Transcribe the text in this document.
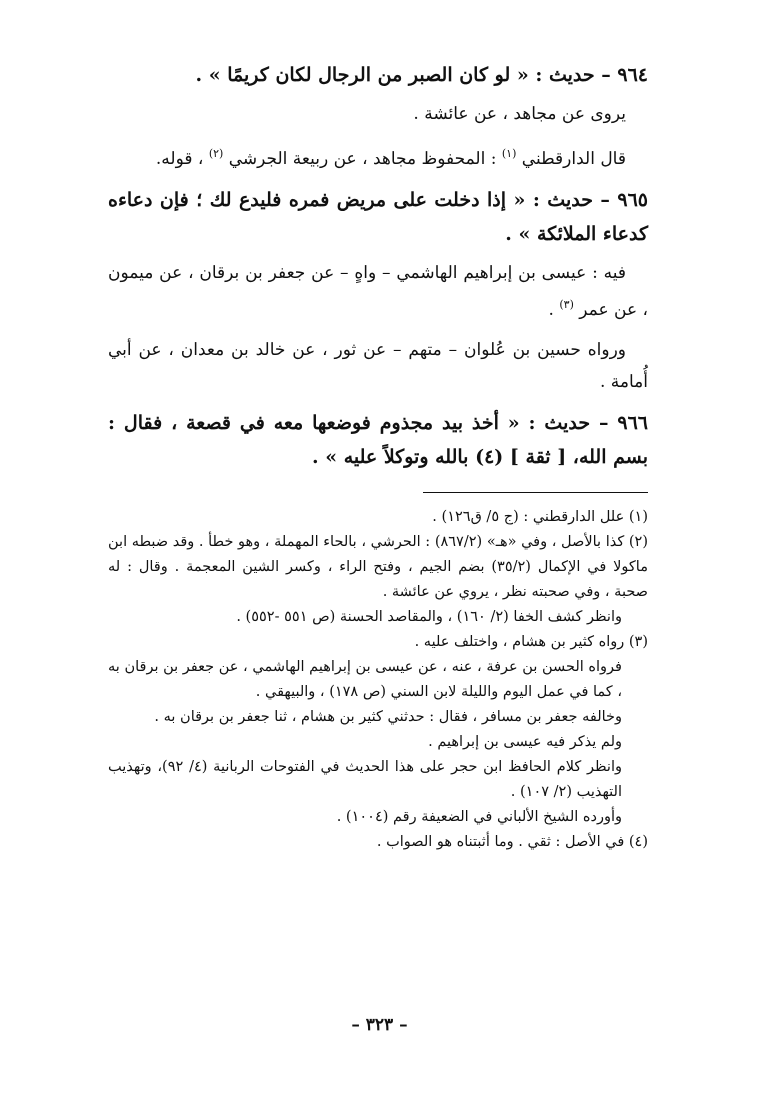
٩٦٤ – حديث : « لو كان الصبر من الرجال لكان كريمًا » .
يروى عن مجاهد ، عن عائشة .
قال الدارقطني $^{(١)}$ : المحفوظ مجاهد ، عن ربيعة الجرشي $^{(٢)}$ ، قوله.
٩٦٥ – حديث : « إذا دخلت على مريض فمره فليدع لك ؛ فإن دعاءه كدعاء الملائكة » .
فيه : عيسى بن إبراهيم الهاشمي – واهٍ – عن جعفر بن برقان ، عن ميمون ، عن عمر $^{(٣)}$ .
ورواه حسين بن عُلوان – متهم – عن ثور ، عن خالد بن معدان ، عن أبي أُمامة .
٩٦٦ – حديث : « أخذ بيد مجذوم فوضعها معه في قصعة ، فقال : بسم الله، [ ثقة ] (٤) بالله وتوكلاً عليه » .
(١) علل الدارقطني : (ج ٥/ ق١٢٦) .
(٢) كذا بالأصل ، وفي «هـ» (٨٦٧/٢) : الحرشي ، بالحاء المهملة ، وهو خطأ . وقد ضبطه ابن ماكولا في الإكمال (٣٥/٢) بضم الجيم ، وفتح الراء ، وكسر الشين المعجمة . وقال : له صحبة ، وفي صحبته نظر ، يروي عن عائشة .
وانظر كشف الخفا (٢/ ١٦٠) ، والمقاصد الحسنة (ص ٥٥١ -٥٥٢) .
(٣) رواه كثير بن هشام ، واختلف عليه .
فرواه الحسن بن عرفة ، عنه ، عن عيسى بن إبراهيم الهاشمي ، عن جعفر بن برقان به ، كما في عمل اليوم والليلة لابن السني (ص ١٧٨) ، والبيهقي .
وخالفه جعفر بن مسافر ، فقال : حدثني كثير بن هشام ، ثنا جعفر بن برقان به .
ولم يذكر فيه عيسى بن إبراهيم .
وانظر كلام الحافظ ابن حجر على هذا الحديث في الفتوحات الربانية (٤/ ٩٢)، وتهذيب التهذيب (٢/ ١٠٧) .
وأورده الشيخ الألباني في الضعيفة رقم (١٠٠٤) .
(٤) في الأصل : ثقي . وما أثبتناه هو الصواب .
– ٣٢٣ –
